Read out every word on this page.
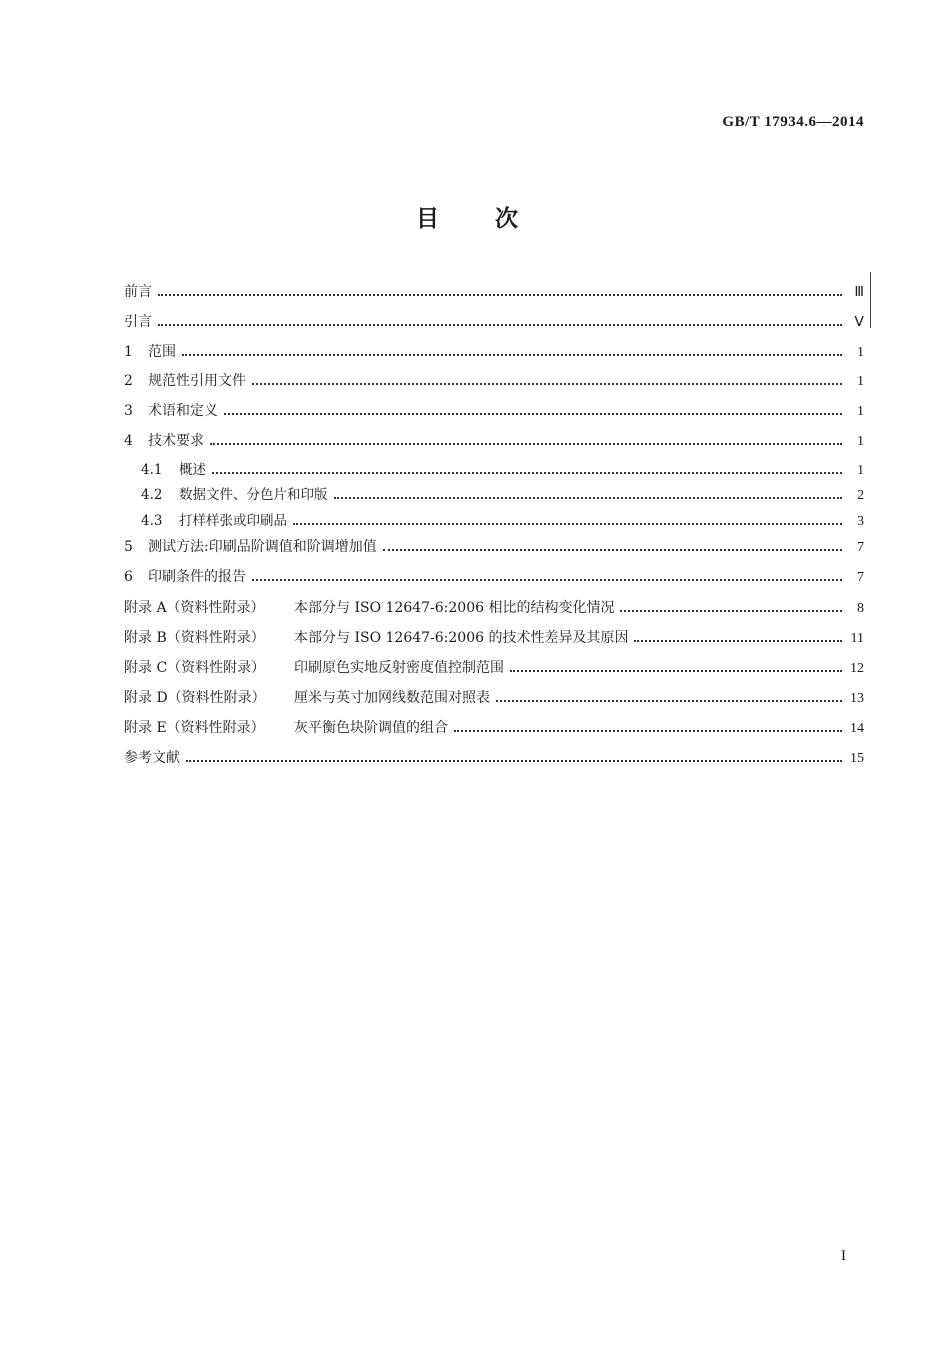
GB/T 17934.6—2014
目次
前言	Ⅲ
引言	Ⅴ
1	范围	1
2	规范性引用文件	1
3	术语和定义	1
4	技术要求	1
4.1	概述	1
4.2	数据文件、分色片和印版	2
4.3	打样样张或印刷品	3
5	测试方法:印刷品阶调值和阶调增加值	7
6	印刷条件的报告	7
附录 A（资料性附录）	本部分与 ISO 12647-6:2006 相比的结构变化情况	8
附录 B（资料性附录）	本部分与 ISO 12647-6:2006 的技术性差异及其原因	11
附录 C（资料性附录）	印刷原色实地反射密度值控制范围	12
附录 D（资料性附录）	厘米与英寸加网线数范围对照表	13
附录 E（资料性附录）	灰平衡色块阶调值的组合	14
参考文献	15
I
